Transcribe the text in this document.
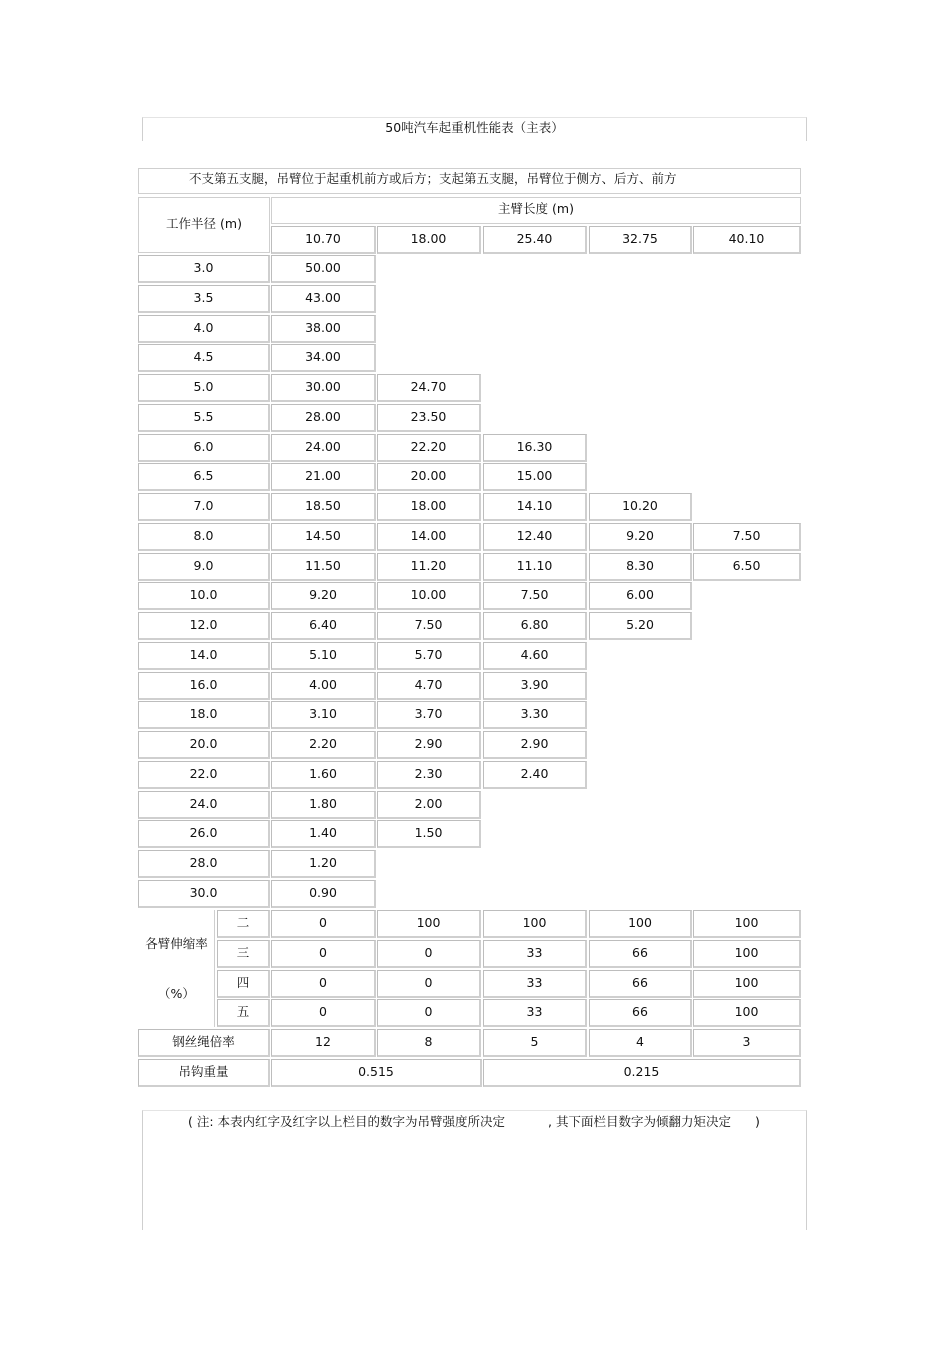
50吨汽车起重机性能表（主表）
不支第五支腿，吊臂位于起重机前方或后方；支起第五支腿，吊臂位于侧方、后方、前方
工作半径 (m)
主臂长度 (m)
10.70	18.00	25.40	32.75	40.10
3.0	50.00
3.5	43.00
4.0	38.00
4.5	34.00
5.0	30.00	24.70
5.5	28.00	23.50
6.0	24.00	22.20	16.30
6.5	21.00	20.00	15.00
7.0	18.50	18.00	14.10	10.20
8.0	14.50	14.00	12.40	9.20	7.50
9.0	11.50	11.20	11.10	8.30	6.50
10.0	9.20	10.00	7.50	6.00
12.0	6.40	7.50	6.80	5.20
14.0	5.10	5.70	4.60
16.0	4.00	4.70	3.90
18.0	3.10	3.70	3.30
20.0	2.20	2.90	2.90
22.0	1.60	2.30	2.40
24.0	1.80	2.00
26.0	1.40	1.50
28.0	1.20
30.0	0.90
各臂伸缩率
（%）
二	0	100	100	100	100
三	0	0	33	66	100
四	0	0	33	66	100
五	0	0	33	66	100
钢丝绳倍率	12	8	5	4	3
吊钩重量	0.515	0.215
( 注: 本表内红字及红字以上栏目的数字为吊臂强度所决定	, 其下面栏目数字为倾翻力矩决定 )
